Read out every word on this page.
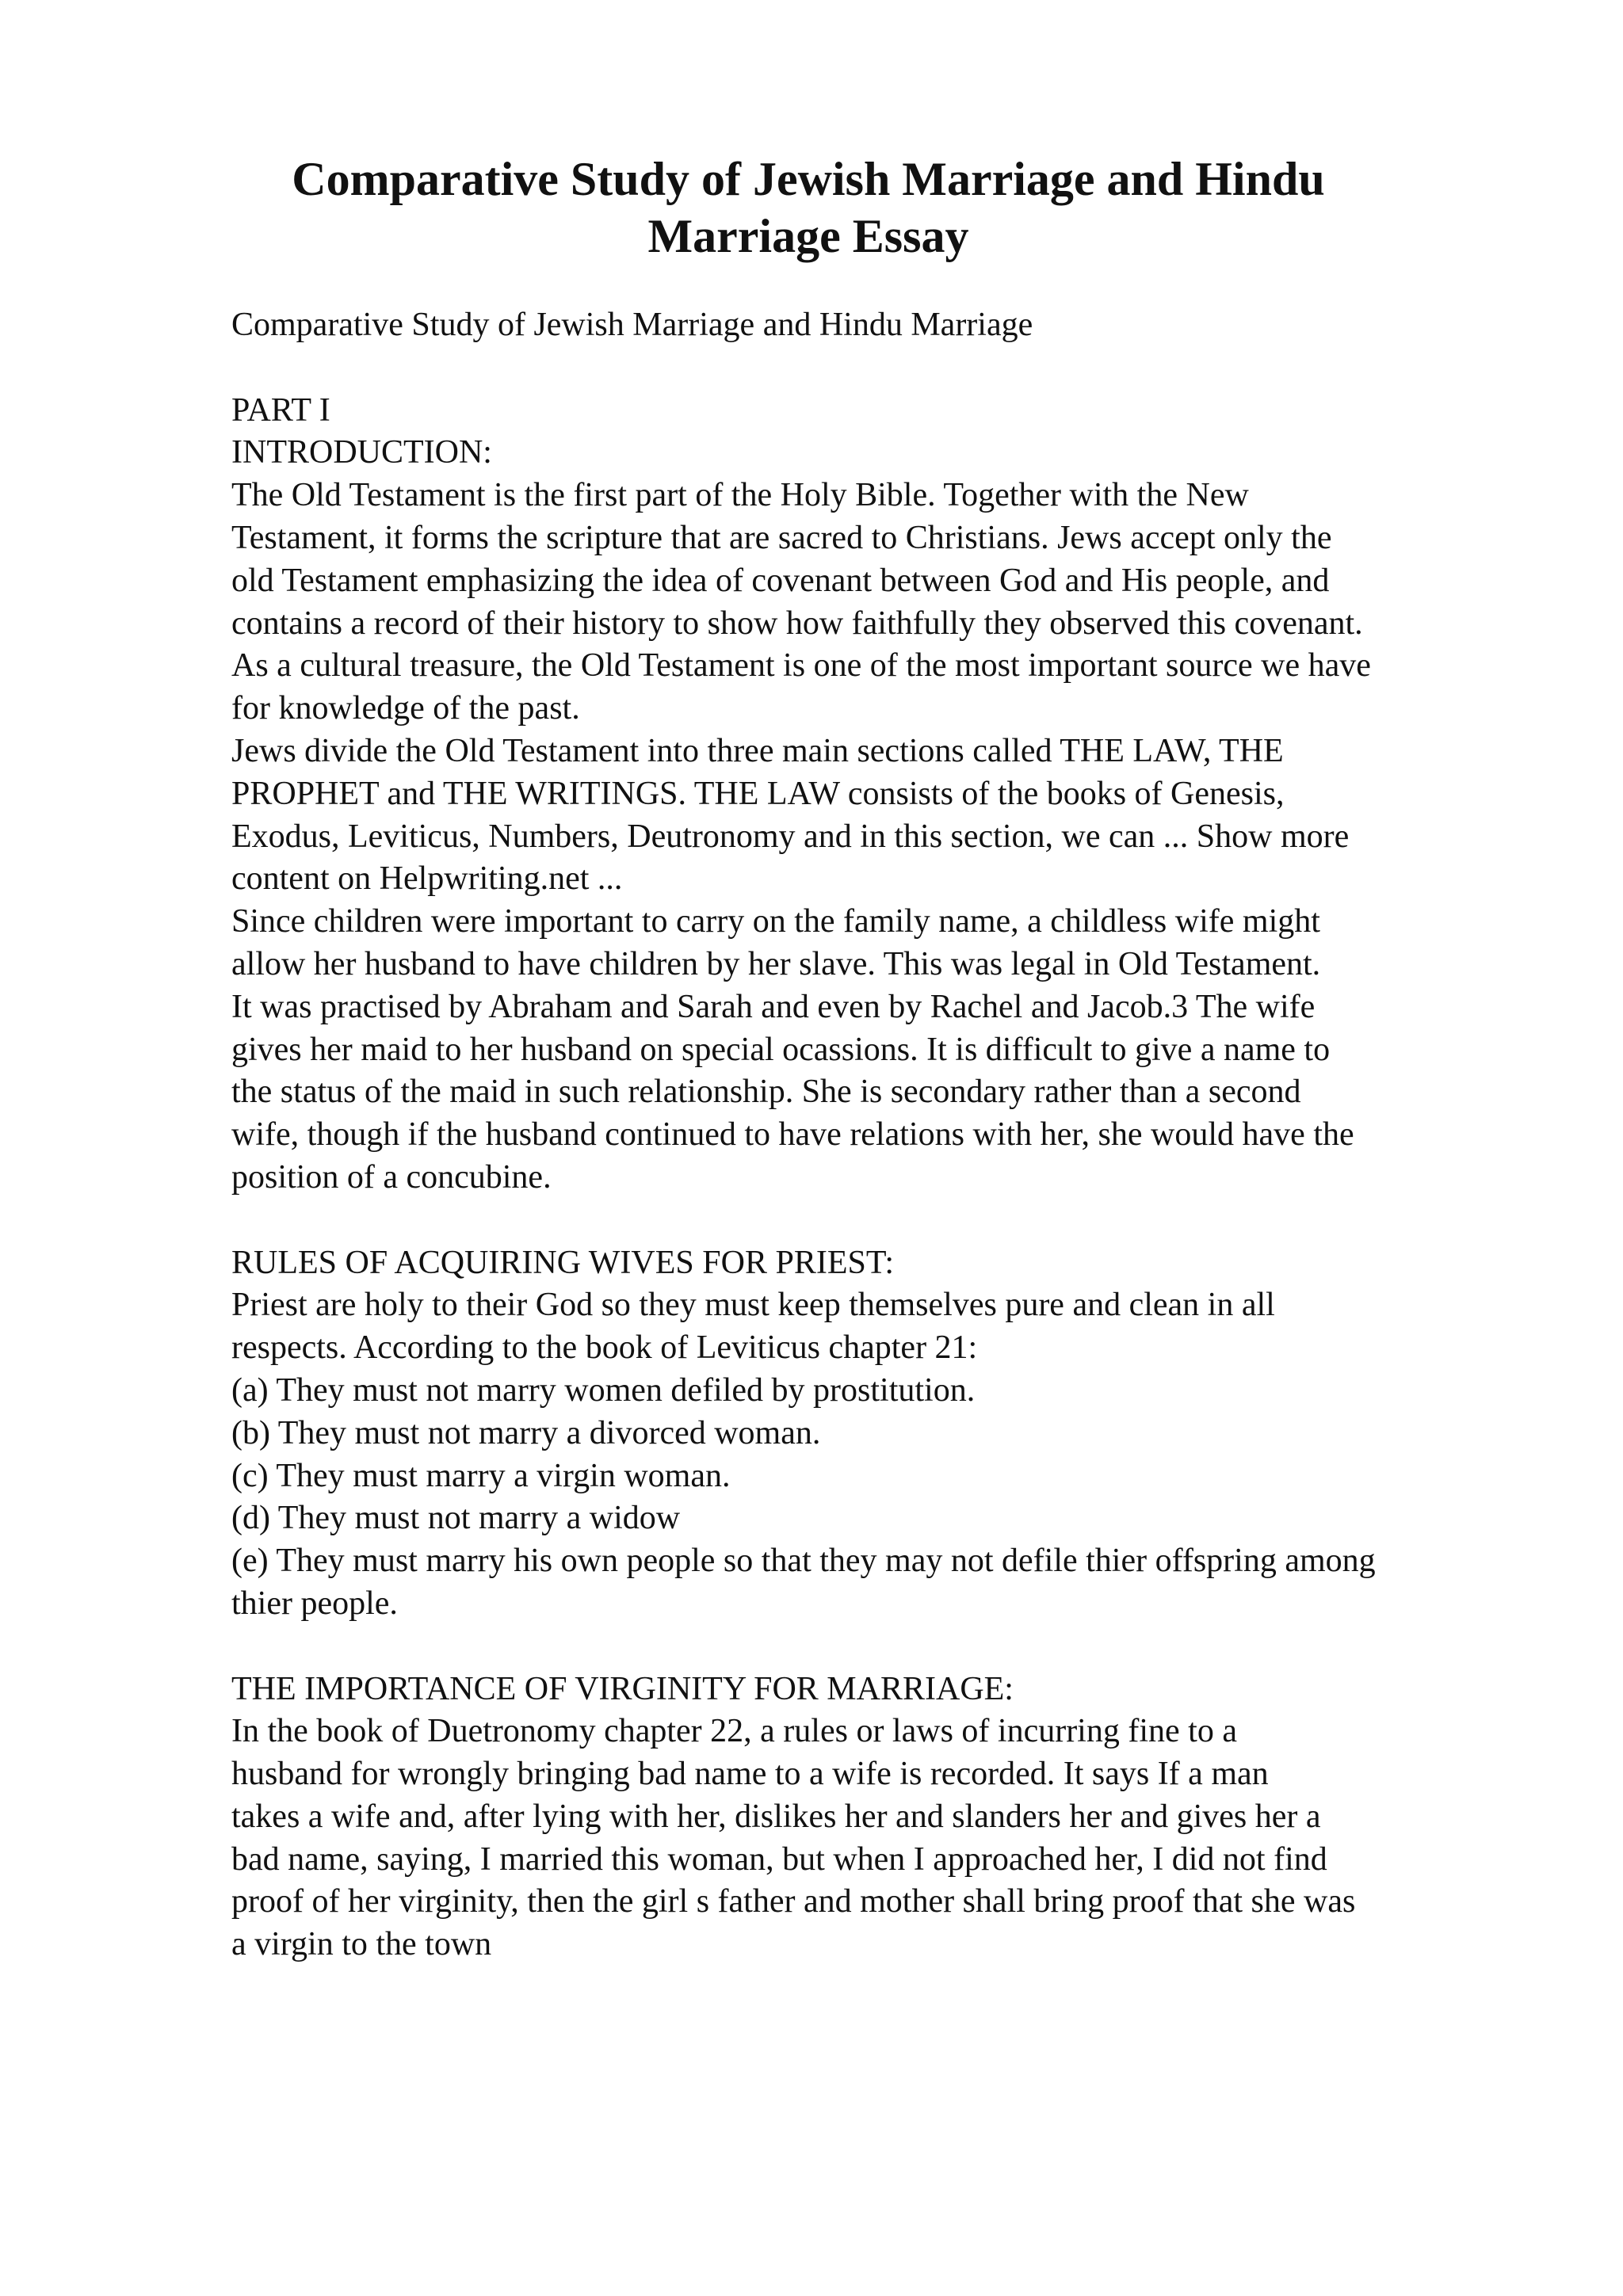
Comparative Study of Jewish Marriage and Hindu
Marriage Essay
Comparative Study of Jewish Marriage and Hindu Marriage
PART I
INTRODUCTION:
The Old Testament is the first part of the Holy Bible. Together with the New
Testament, it forms the scripture that are sacred to Christians. Jews accept only the
old Testament emphasizing the idea of covenant between God and His people, and
contains a record of their history to show how faithfully they observed this covenant.
As a cultural treasure, the Old Testament is one of the most important source we have
for knowledge of the past.
Jews divide the Old Testament into three main sections called THE LAW, THE
PROPHET and THE WRITINGS. THE LAW consists of the books of Genesis,
Exodus, Leviticus, Numbers, Deutronomy and in this section, we can ... Show more
content on Helpwriting.net ...
Since children were important to carry on the family name, a childless wife might
allow her husband to have children by her slave. This was legal in Old Testament.
It was practised by Abraham and Sarah and even by Rachel and Jacob.3 The wife
gives her maid to her husband on special ocassions. It is difficult to give a name to
the status of the maid in such relationship. She is secondary rather than a second
wife, though if the husband continued to have relations with her, she would have the
position of a concubine.
RULES OF ACQUIRING WIVES FOR PRIEST:
Priest are holy to their God so they must keep themselves pure and clean in all
respects. According to the book of Leviticus chapter 21:
(a) They must not marry women defiled by prostitution.
(b) They must not marry a divorced woman.
(c) They must marry a virgin woman.
(d) They must not marry a widow
(e) They must marry his own people so that they may not defile thier offspring among
thier people.
THE IMPORTANCE OF VIRGINITY FOR MARRIAGE:
In the book of Duetronomy chapter 22, a rules or laws of incurring fine to a
husband for wrongly bringing bad name to a wife is recorded. It says If a man
takes a wife and, after lying with her, dislikes her and slanders her and gives her a
bad name, saying, I married this woman, but when I approached her, I did not find
proof of her virginity, then the girl s father and mother shall bring proof that she was
a virgin to the town
